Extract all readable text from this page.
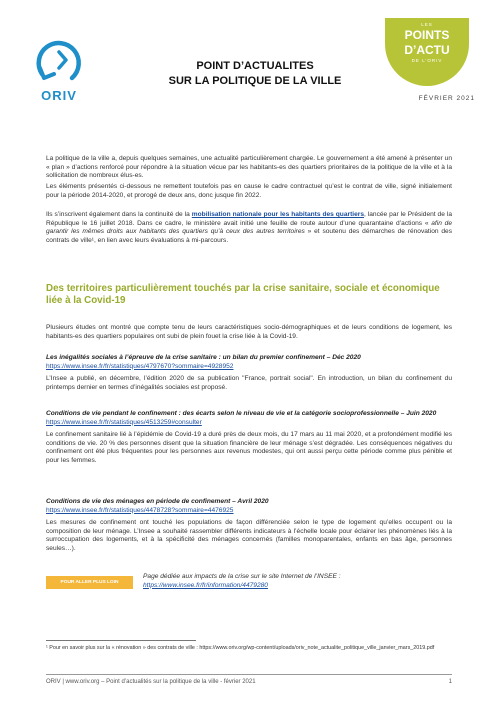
ORIV
POINT D’ACTUALITES
SUR LA POLITIQUE DE LA VILLE
LES
POINTS
D’ACTU
DE L’ORIV
FÉVRIER 2021

La politique de la ville a, depuis quelques semaines, une actualité particulièrement chargée. Le gouvernement a été amené à présenter un « plan » d’actions renforcé pour répondre à la situation vécue par les habitants-es des quartiers prioritaires de la politique de la ville et à la sollicitation de nombreux élus-es.

Les éléments présentés ci-dessous ne remettent toutefois pas en cause le cadre contractuel qu’est le contrat de ville, signé initialement pour la période 2014-2020, et prorogé de deux ans, donc jusque fin 2022.

Ils s’inscrivent également dans la continuité de la mobilisation nationale pour les habitants des quartiers, lancée par le Président de la République le 16 juillet 2018. Dans ce cadre, le ministère avait initié une feuille de route autour d’une quarantaine d’actions « afin de garantir les mêmes droits aux habitants des quartiers qu’à ceux des autres territoires » et soutenu des démarches de rénovation des contrats de ville¹, en lien avec leurs évaluations à mi-parcours.

Des territoires particulièrement touchés par la crise sanitaire, sociale et économique liée à la Covid-19

Plusieurs études ont montré que compte tenu de leurs caractéristiques socio-démographiques et de leurs conditions de logement, les habitants-es des quartiers populaires ont subi de plein fouet la crise liée à la Covid-19.

Les inégalités sociales à l’épreuve de la crise sanitaire : un bilan du premier confinement – Déc 2020

https://www.insee.fr/fr/statistiques/4797670?sommaire=4928952

L’Insee a publié, en décembre, l’édition 2020 de sa publication "France, portrait social". En introduction, un bilan du confinement du printemps dernier en termes d’inégalités sociales est proposé.

Conditions de vie pendant le confinement : des écarts selon le niveau de vie et la catégorie socioprofessionnelle – Juin 2020

https://www.insee.fr/fr/statistiques/4513259#consulter

Le confinement sanitaire lié à l’épidémie de Covid-19 a duré près de deux mois, du 17 mars au 11 mai 2020, et a profondément modifié les conditions de vie. 20 % des personnes disent que la situation financière de leur ménage s’est dégradée. Les conséquences négatives du confinement ont été plus fréquentes pour les personnes aux revenus modestes, qui ont aussi perçu cette période comme plus pénible et pour les femmes.

Conditions de vie des ménages en période de confinement – Avril 2020

https://www.insee.fr/fr/statistiques/4478728?sommaire=4476925

Les mesures de confinement ont touché les populations de façon différenciée selon le type de logement qu’elles occupent ou la composition de leur ménage. L’Insee a souhaité rassembler différents indicateurs à l’échelle locale pour éclairer les phénomènes liés à la surroccupation des logements, et à la spécificité des ménages concernés (familles monoparentales, enfants en bas âge, personnes seules…).

POUR ALLER PLUS LOIN
Page dédiée aux impacts de la crise sur le site Internet de l’INSEE :
https://www.insee.fr/fr/information/4479280
¹ Pour en savoir plus sur la « rénovation » des contrats de ville : https://www.oriv.org/wp-content/uploads/oriv_note_actualite_politique_ville_janvier_mars_2019.pdf
ORIV | www.oriv.org – Point d’actualités sur la politique de la ville - février 2021	1
